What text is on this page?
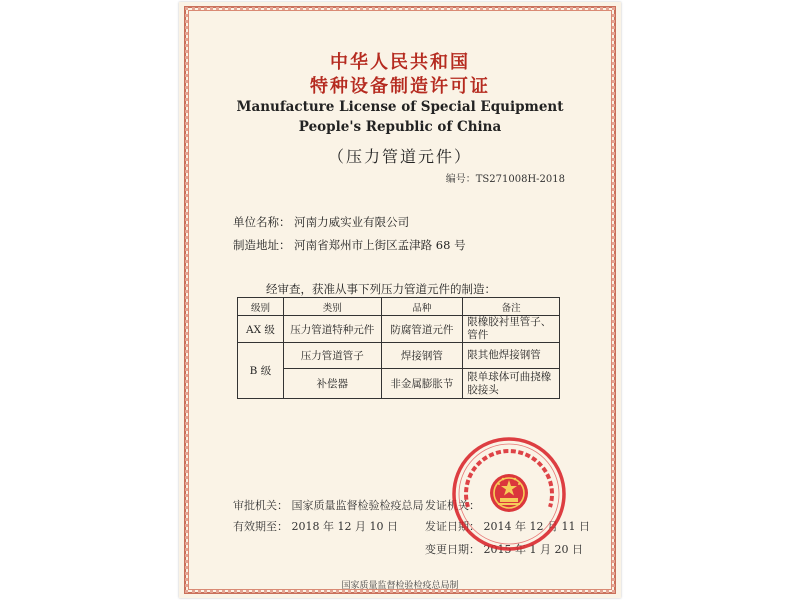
中华人民共和国
特种设备制造许可证
Manufacture License of Special Equipment
People's Republic of China
（压力管道元件）
编号：TS271008H-2018
单位名称： 河南力威实业有限公司
制造地址： 河南省郑州市上街区孟津路 68 号
经审查，获准从事下列压力管道元件的制造：
级别	类别	品种	备注
AX 级	压力管道特种元件	防腐管道元件	限橡胶衬里管子、管件
B 级	压力管道管子	焊接钢管	限其他焊接钢管
	补偿器	非金属膨胀节	限单球体可曲挠橡胶接头
审批机关： 国家质量监督检验检疫总局
有效期至： 2018 年 12 月 10 日
发证机关：
发证日期： 2014 年 12 月 11 日
变更日期： 2015 年 1 月 20 日
国家质量监督检验检疫总局制
